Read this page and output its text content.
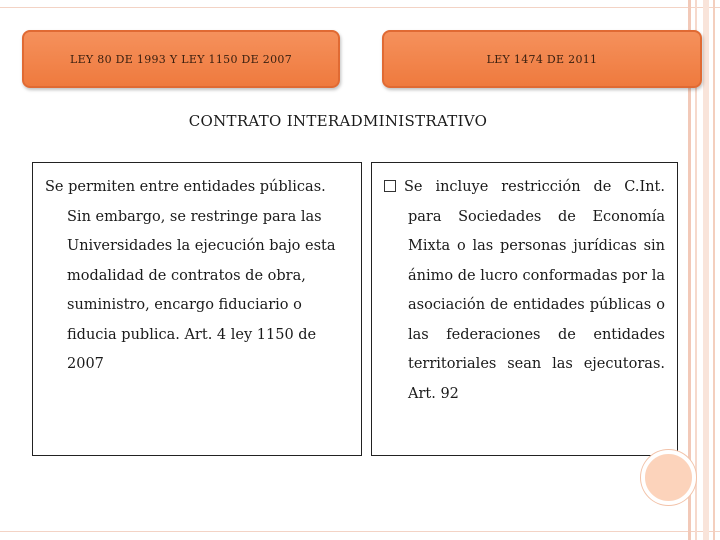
LEY 80 DE 1993 Y LEY 1150 DE 2007	LEY 1474 DE 2011
CONTRATO INTERADMINISTRATIVO

Se permiten entre entidades públicas. Sin embargo, se restringe para las Universidades la ejecución bajo esta modalidad de contratos de obra, suministro, encargo fiduciario o fiducia publica. Art. 4 ley 1150 de 2007

Se incluye restricción de C.Int. para Sociedades de Economía Mixta o las personas jurídicas sin ánimo de lucro conformadas por la asociación de entidades públicas o las federaciones de entidades territoriales sean las ejecutoras. Art. 92
